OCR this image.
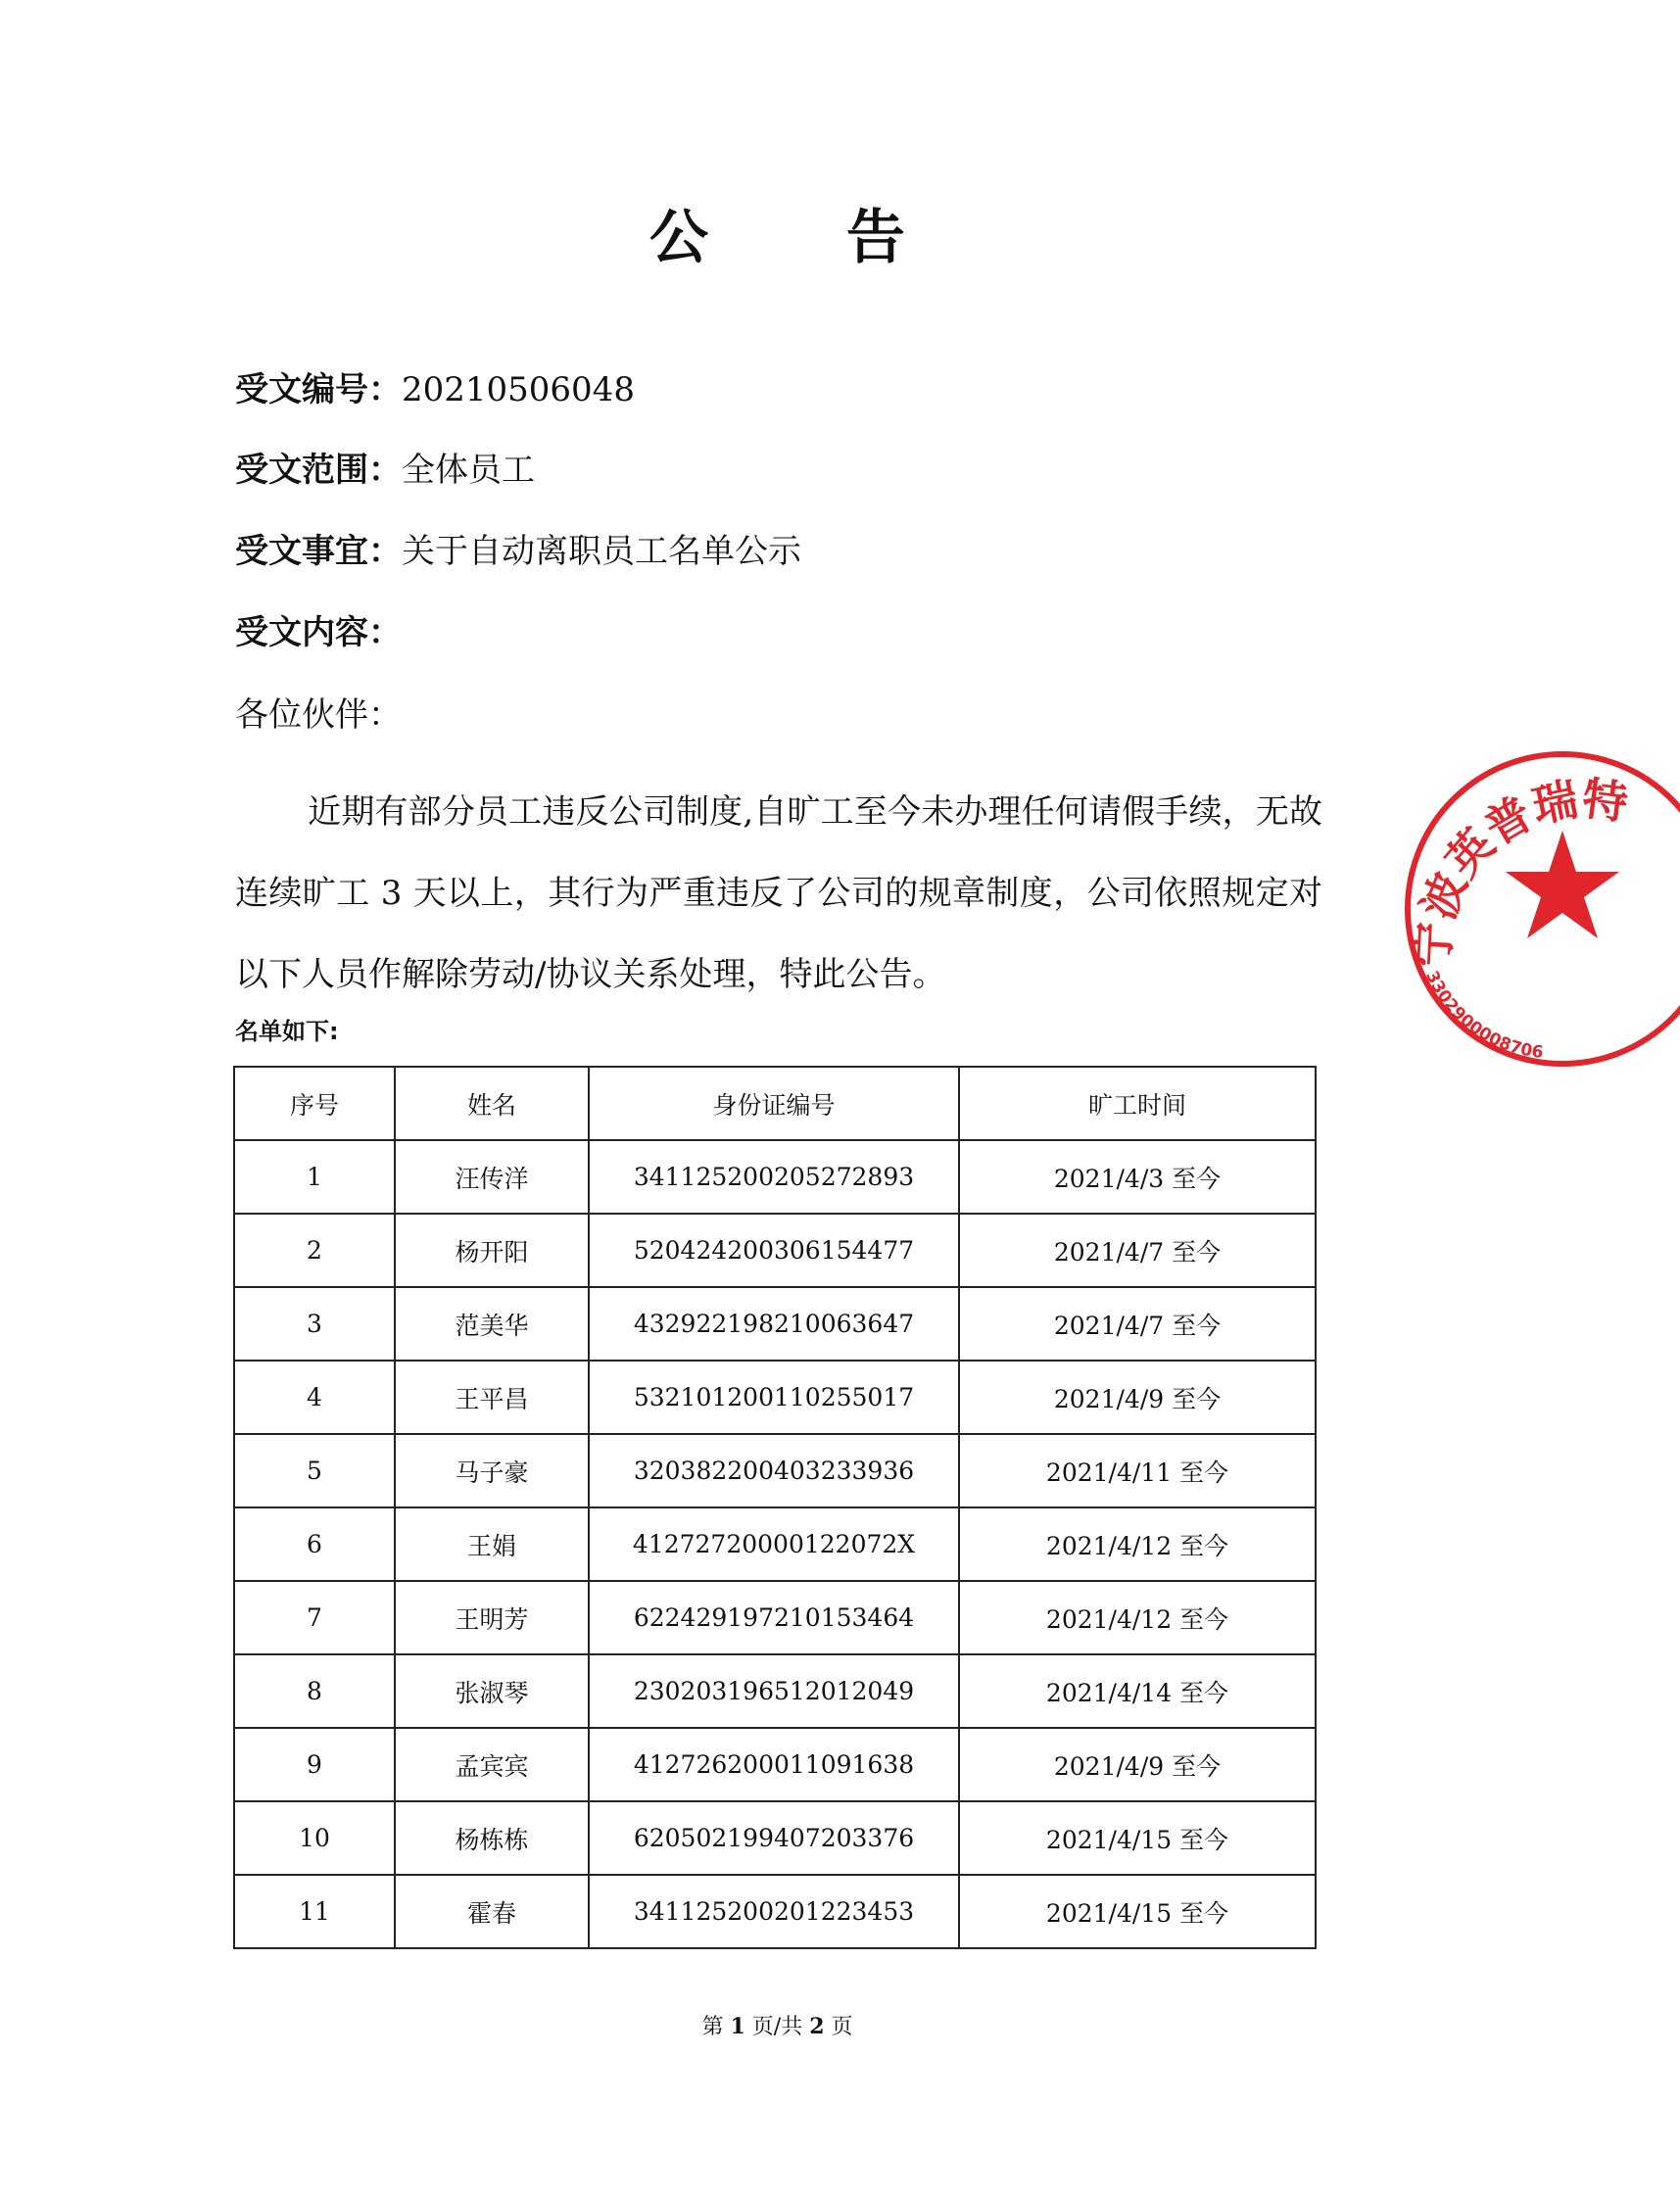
公 告
受文编号：20210506048
受文范围：全体员工
受文事宜：关于自动离职员工名单公示
受文内容：
各位伙伴：
近期有部分员工违反公司制度,自旷工至今未办理任何请假手续，无故连续旷工 3 天以上，其行为严重违反了公司的规章制度，公司依照规定对以下人员作解除劳动/协议关系处理，特此公告。
名单如下:
序号	姓名	身份证编号	旷工时间
1	汪传洋	341125200205272893	2021/4/3 至今
2	杨开阳	520424200306154477	2021/4/7 至今
3	范美华	432922198210063647	2021/4/7 至今
4	王平昌	532101200110255017	2021/4/9 至今
5	马子豪	320382200403233936	2021/4/11 至今
6	王娟	41272720000122072X	2021/4/12 至今
7	王明芳	622429197210153464	2021/4/12 至今
8	张淑琴	230203196512012049	2021/4/14 至今
9	孟宾宾	412726200011091638	2021/4/9 至今
10	杨栋栋	620502199407203376	2021/4/15 至今
11	霍春	341125200201223453	2021/4/15 至今
第 1 页/共 2 页
宁波英普瑞特
3302900008706
